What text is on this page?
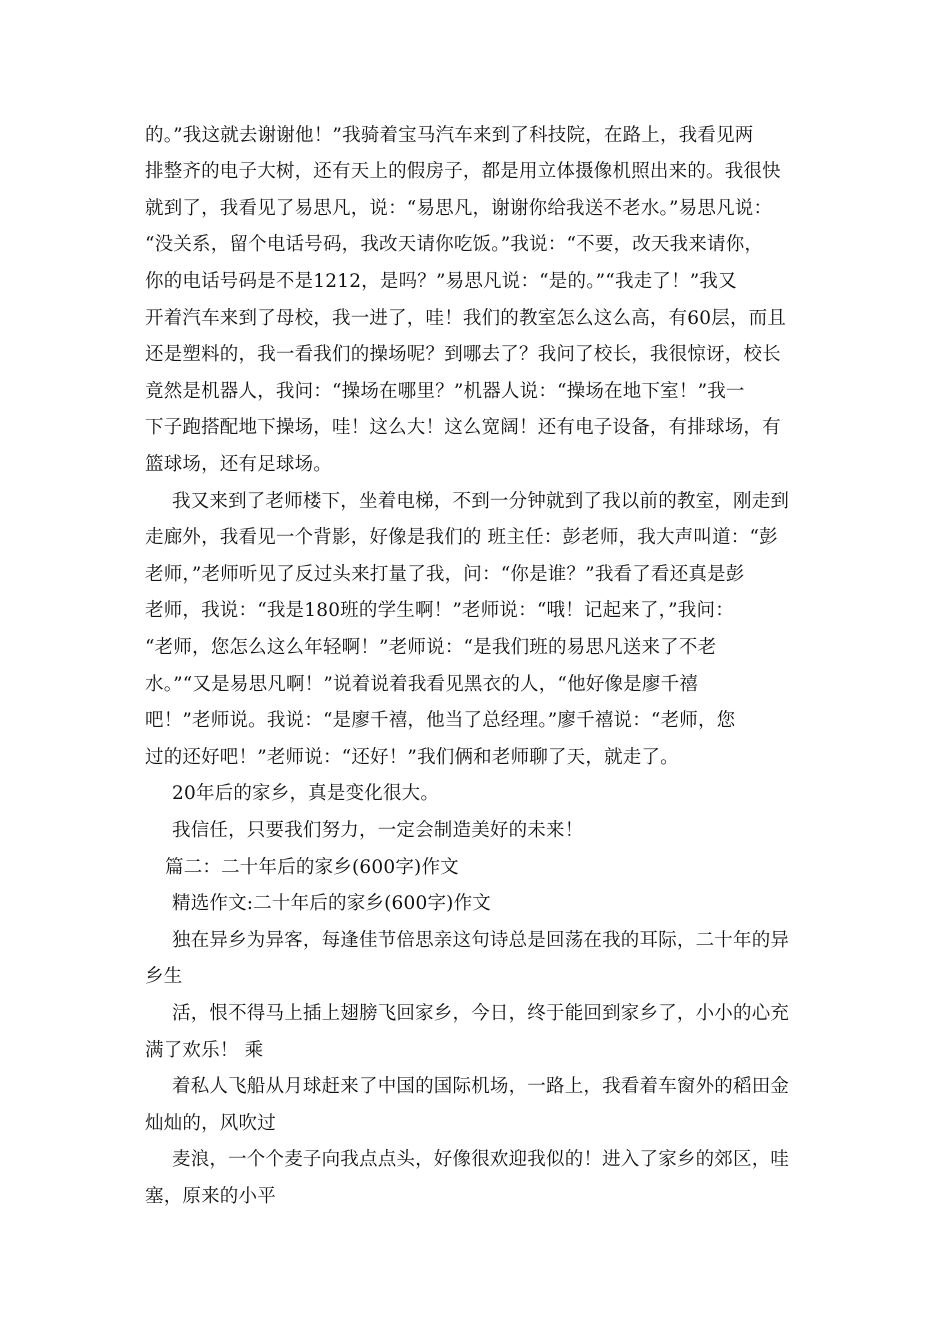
的。”我这就去谢谢他！”我骑着宝马汽车来到了科技院，在路上，我看见两
排整齐的电子大树，还有天上的假房子，都是用立体摄像机照出来的。我很快
就到了，我看见了易思凡，说：“易思凡，谢谢你给我送不老水。”易思凡说：
“没关系，留个电话号码，我改天请你吃饭。”我说：“不要，改天我来请你，
你的电话号码是不是1212，是吗？”易思凡说：“是的。”“我走了！”我又
开着汽车来到了母校，我一进了，哇！我们的教室怎么这么高，有60层，而且
还是塑料的，我一看我们的操场呢？到哪去了？我问了校长，我很惊讶，校长
竟然是机器人，我问：“操场在哪里？”机器人说：“操场在地下室！”我一
下子跑搭配地下操场，哇！这么大！这么宽阔！还有电子设备，有排球场，有
篮球场，还有足球场。
我又来到了老师楼下，坐着电梯，不到一分钟就到了我以前的教室，刚走到
走廊外，我看见一个背影，好像是我们的 班主任：彭老师，我大声叫道：“彭
老师，”老师听见了反过头来打量了我，问：“你是谁？”我看了看还真是彭
老师，我说：“我是180班的学生啊！”老师说：“哦！记起来了，”我问：
“老师，您怎么这么年轻啊！”老师说：“是我们班的易思凡送来了不老
水。”“又是易思凡啊！”说着说着我看见黑衣的人，“他好像是廖千禧
吧！”老师说。我说：“是廖千禧，他当了总经理。”廖千禧说：“老师，您
过的还好吧！”老师说：“还好！”我们俩和老师聊了天，就走了。
20年后的家乡，真是变化很大。
我信任，只要我们努力，一定会制造美好的未来！
篇二：二十年后的家乡(600字)作文
精选作文:二十年后的家乡(600字)作文
独在异乡为异客，每逢佳节倍思亲这句诗总是回荡在我的耳际，二十年的异
乡生
活，恨不得马上插上翅膀飞回家乡，今日，终于能回到家乡了，小小的心充
满了欢乐！ 乘
着私人飞船从月球赶来了中国的国际机场，一路上，我看着车窗外的稻田金
灿灿的，风吹过
麦浪，一个个麦子向我点点头，好像很欢迎我似的！进入了家乡的郊区，哇
塞，原来的小平
